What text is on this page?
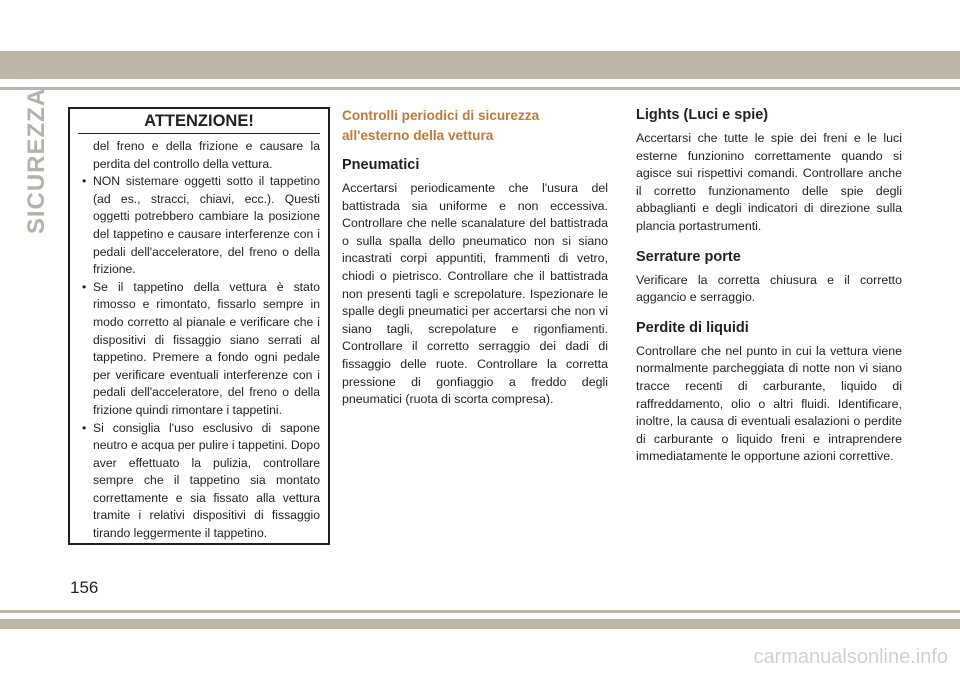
SICUREZZA	ATTENZIONE!

del freno e della frizione e causare la perdita del controllo della vettura.

• NON sistemare oggetti sotto il tappetino (ad es., stracci, chiavi, ecc.). Questi oggetti potrebbero cambiare la posizione del tappetino e causare interferenze con i pedali dell'acceleratore, del freno o della frizione.
• Se il tappetino della vettura è stato rimosso e rimontato, fissarlo sempre in modo corretto al pianale e verificare che i dispositivi di fissaggio siano serrati al tappetino. Premere a fondo ogni pedale per verificare eventuali interferenze con i pedali dell'acceleratore, del freno o della frizione quindi rimontare i tappetini.
• Si consiglia l'uso esclusivo di sapone neutro e acqua per pulire i tappetini. Dopo aver effettuato la pulizia, controllare sempre che il tappetino sia montato correttamente e sia fissato alla vettura tramite i relativi dispositivi di fissaggio tirando leggermente il tappetino.
Controlli periodici di sicurezza all'esterno della vettura
Pneumatici

Accertarsi periodicamente che l'usura del battistrada sia uniforme e non eccessiva. Controllare che nelle scanalature del battistrada o sulla spalla dello pneumatico non si siano incastrati corpi appuntiti, frammenti di vetro, chiodi o pietrisco. Controllare che il battistrada non presenti tagli e screpolature. Ispezionare le spalle degli pneumatici per accertarsi che non vi siano tagli, screpolature e rigonfiamenti. Controllare il corretto serraggio dei dadi di fissaggio delle ruote. Controllare la corretta pressione di gonfiaggio a freddo degli pneumatici (ruota di scorta compresa).

Lights (Luci e spie)

Accertarsi che tutte le spie dei freni e le luci esterne funzionino correttamente quando si agisce sui rispettivi comandi. Controllare anche il corretto funzionamento delle spie degli abbaglianti e degli indicatori di direzione sulla plancia portastrumenti.

Serrature porte

Verificare la corretta chiusura e il corretto aggancio e serraggio.

Perdite di liquidi

Controllare che nel punto in cui la vettura viene normalmente parcheggiata di notte non vi siano tracce recenti di carburante, liquido di raffreddamento, olio o altri fluidi. Identificare, inoltre, la causa di eventuali esalazioni o perdite di carburante o liquido freni e intraprendere immediatamente le opportune azioni correttive.

156
carmanualsonline.info
